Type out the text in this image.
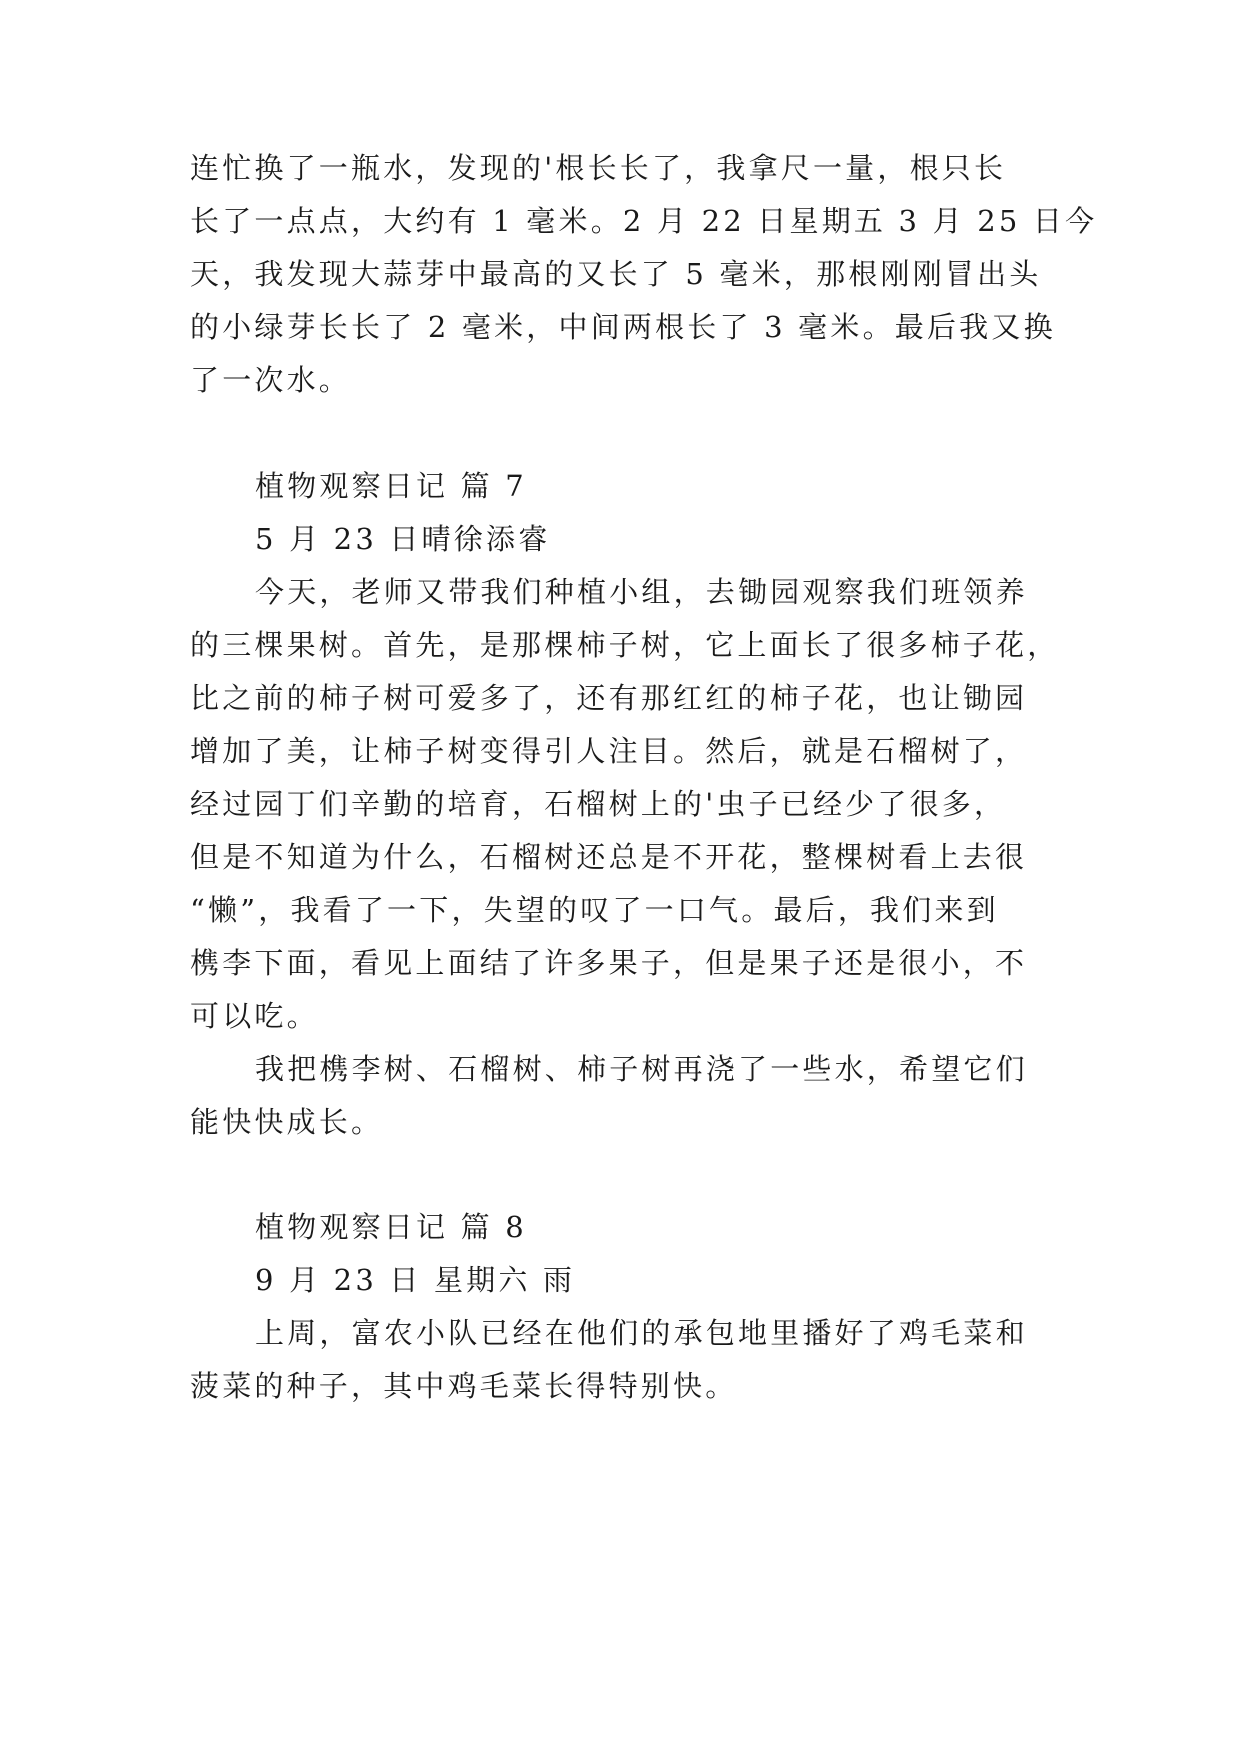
连忙换了一瓶水，发现的'根长长了，我拿尺一量，根只长

长了一点点，大约有 1 毫米。2 月 22 日星期五 3 月 25 日今

天，我发现大蒜芽中最高的又长了 5 毫米，那根刚刚冒出头

的小绿芽长长了 2 毫米，中间两根长了 3 毫米。最后我又换

了一次水。

植物观察日记 篇 7

5 月 23 日晴徐添睿

今天，老师又带我们种植小组，去锄园观察我们班领养

的三棵果树。首先，是那棵柿子树，它上面长了很多柿子花，

比之前的柿子树可爱多了，还有那红红的柿子花，也让锄园

增加了美，让柿子树变得引人注目。然后，就是石榴树了，

经过园丁们辛勤的培育，石榴树上的'虫子已经少了很多，

但是不知道为什么，石榴树还总是不开花，整棵树看上去很

“懒”，我看了一下，失望的叹了一口气。最后，我们来到

槜李下面，看见上面结了许多果子，但是果子还是很小，不

可以吃。

我把槜李树、石榴树、柿子树再浇了一些水，希望它们

能快快成长。

植物观察日记 篇 8

9 月 23 日 星期六 雨

上周，富农小队已经在他们的承包地里播好了鸡毛菜和

菠菜的种子，其中鸡毛菜长得特别快。
